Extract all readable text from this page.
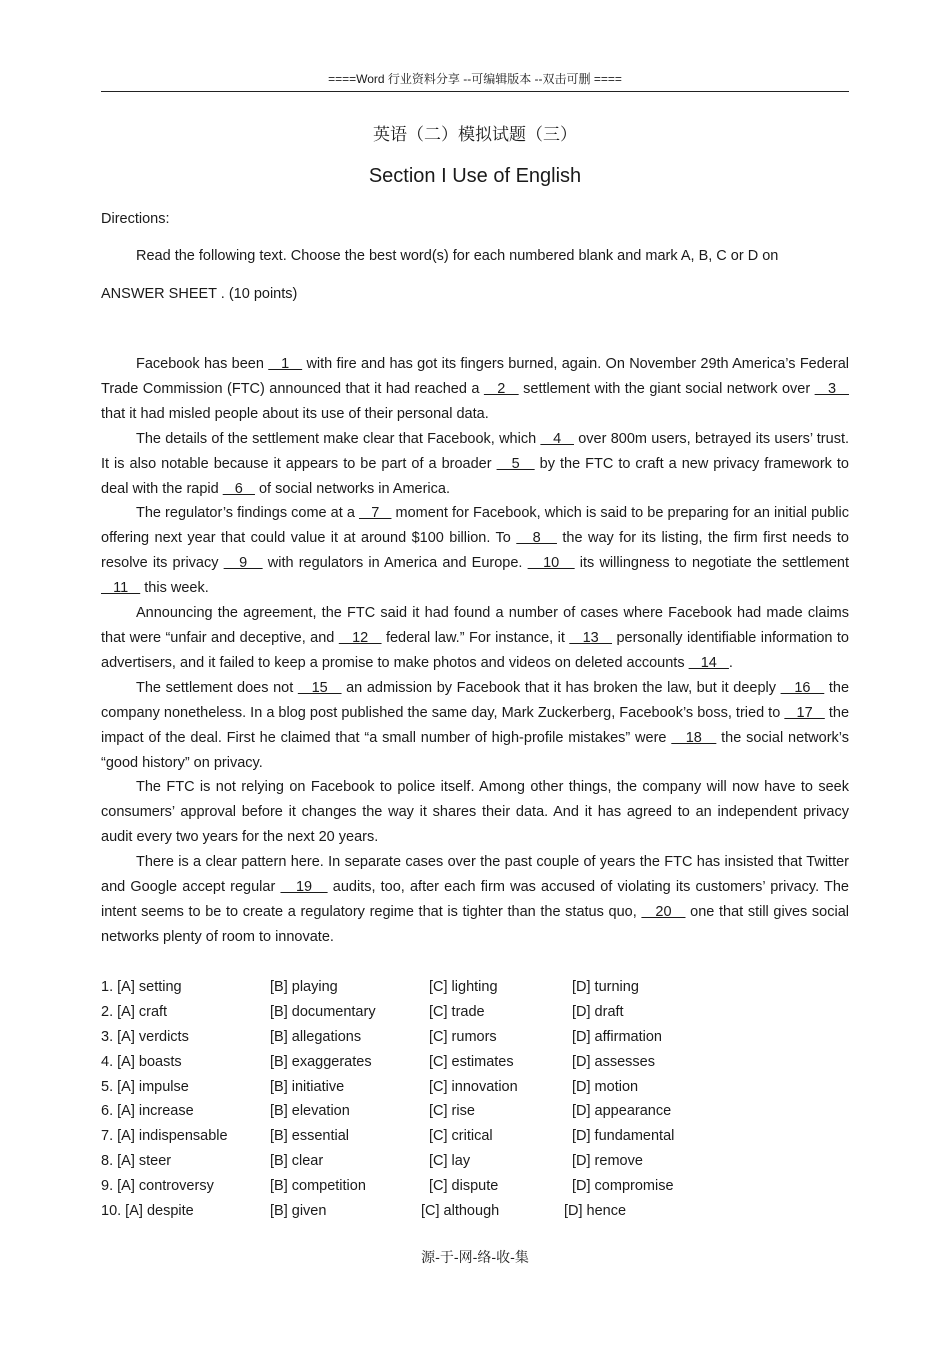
====Word 行业资料分享 --可编辑版本 --双击可删 ====
英语（二）模拟试题（三）
Section I Use of English
Directions:
Read the following text. Choose the best word(s) for each numbered blank and mark A, B, C or D on
ANSWER SHEET . (10 points)

Facebook has been    1    with fire and has got its fingers burned, again. On November 29th America’s Federal Trade Commission (FTC) announced that it had reached a    2    settlement with the giant social network over    3    that it had misled people about its use of their personal data.

The details of the settlement make clear that Facebook, which    4    over 800m users, betrayed its users’ trust. It is also notable because it appears to be part of a broader    5    by the FTC to craft a new privacy framework to deal with the rapid    6    of social networks in America.

The regulator’s findings come at a    7    moment for Facebook, which is said to be preparing for an initial public offering next year that could value it at around $100 billion. To    8    the way for its listing, the firm first needs to resolve its privacy    9    with regulators in America and Europe.    10    its willingness to negotiate the settlement    11    this week.

Announcing the agreement, the FTC said it had found a number of cases where Facebook had made claims that were “unfair and deceptive, and    12    federal law.” For instance, it    13    personally identifiable information to advertisers, and it failed to keep a promise to make photos and videos on deleted accounts    14   .

The settlement does not    15    an admission by Facebook that it has broken the law, but it deeply    16    the company nonetheless. In a blog post published the same day, Mark Zuckerberg, Facebook’s boss, tried to    17    the impact of the deal. First he claimed that “a small number of high-profile mistakes” were    18    the social network’s “good history” on privacy.

The FTC is not relying on Facebook to police itself. Among other things, the company will now have to seek consumers’ approval before it changes the way it shares their data. And it has agreed to an independent privacy audit every two years for the next 20 years.

There is a clear pattern here. In separate cases over the past couple of years the FTC has insisted that Twitter and Google accept regular    19    audits, too, after each firm was accused of violating its customers’ privacy. The intent seems to be to create a regulatory regime that is tighter than the status quo,    20    one that still gives social networks plenty of room to innovate.

1. [A] setting	[B] playing	[C] lighting	[D] turning
2. [A] craft	[B] documentary	[C] trade	[D] draft
3. [A] verdicts	[B] allegations	[C] rumors	[D] affirmation
4. [A] boasts	[B] exaggerates	[C] estimates	[D] assesses
5. [A] impulse	[B] initiative	[C] innovation	[D] motion
6. [A] increase	[B] elevation	[C] rise	[D] appearance
7. [A] indispensable	[B] essential	[C] critical	[D] fundamental
8. [A] steer	[B] clear	[C] lay	[D] remove
9. [A] controversy	[B] competition	[C] dispute	[D] compromise
10. [A] despite	[B] given	[C] although	[D] hence
源-于-网-络-收-集
